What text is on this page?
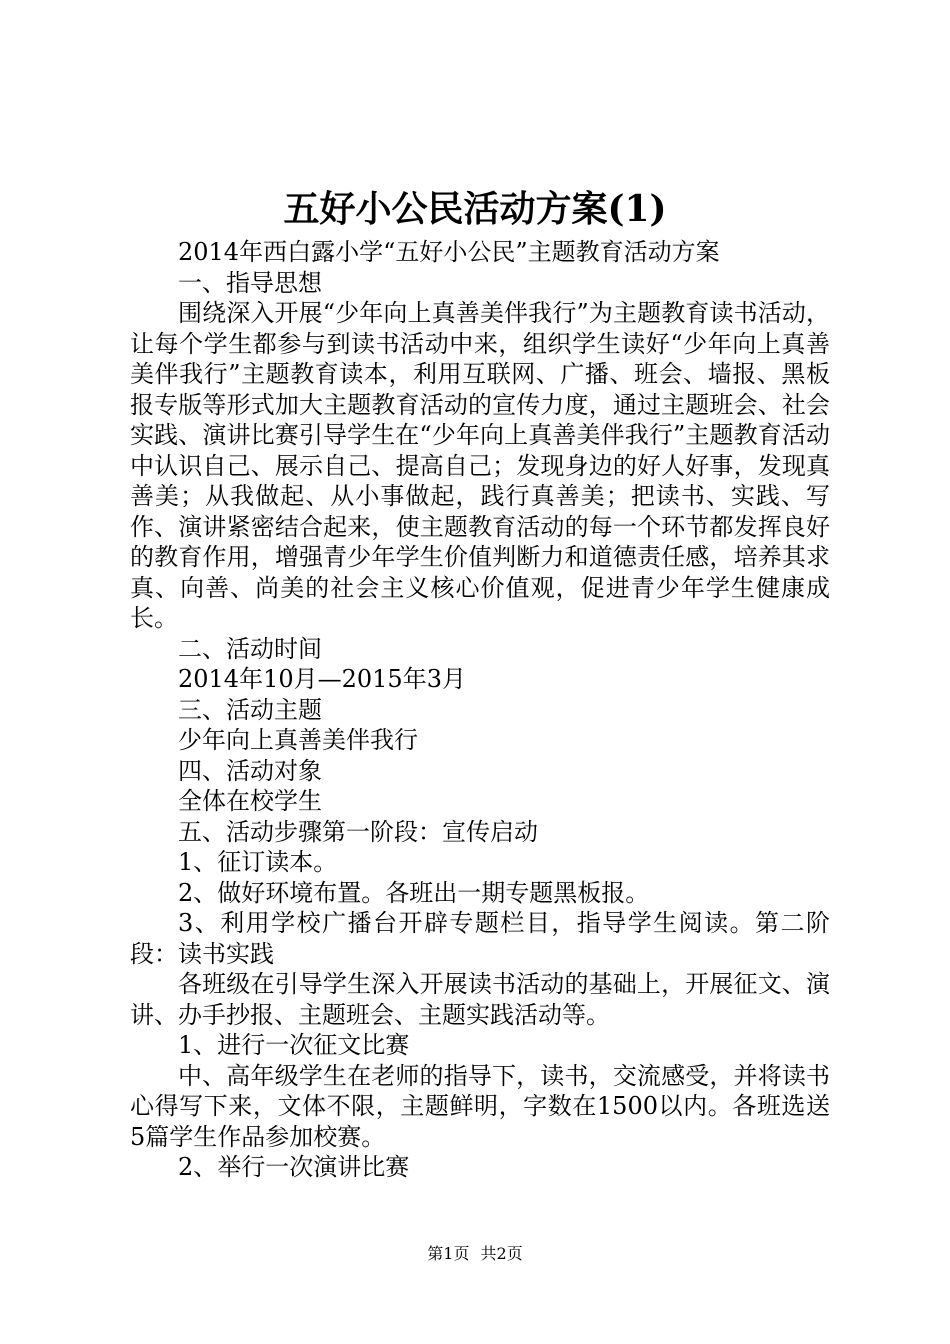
五好小公民活动方案(1)

2014年西白露小学“五好小公民”主题教育活动方案

一、指导思想

围绕深入开展“少年向上真善美伴我行”为主题教育读书活动，让每个学生都参与到读书活动中来，组织学生读好“少年向上真善美伴我行”主题教育读本，利用互联网、广播、班会、墙报、黑板报专版等形式加大主题教育活动的宣传力度，通过主题班会、社会实践、演讲比赛引导学生在“少年向上真善美伴我行”主题教育活动中认识自己、展示自己、提高自己；发现身边的好人好事，发现真善美；从我做起、从小事做起，践行真善美；把读书、实践、写作、演讲紧密结合起来，使主题教育活动的每一个环节都发挥良好的教育作用，增强青少年学生价值判断力和道德责任感，培养其求真、向善、尚美的社会主义核心价值观，促进青少年学生健康成长。

二、活动时间

2014年10月—2015年3月

三、活动主题

少年向上真善美伴我行

四、活动对象

全体在校学生

五、活动步骤第一阶段：宣传启动

1、征订读本。

2、做好环境布置。各班出一期专题黑板报。

3、利用学校广播台开辟专题栏目，指导学生阅读。第二阶段：读书实践

各班级在引导学生深入开展读书活动的基础上，开展征文、演讲、办手抄报、主题班会、主题实践活动等。

1、进行一次征文比赛

中、高年级学生在老师的指导下，读书，交流感受，并将读书心得写下来，文体不限，主题鲜明，字数在1500以内。各班选送5篇学生作品参加校赛。

2、举行一次演讲比赛

第1页 共2页
